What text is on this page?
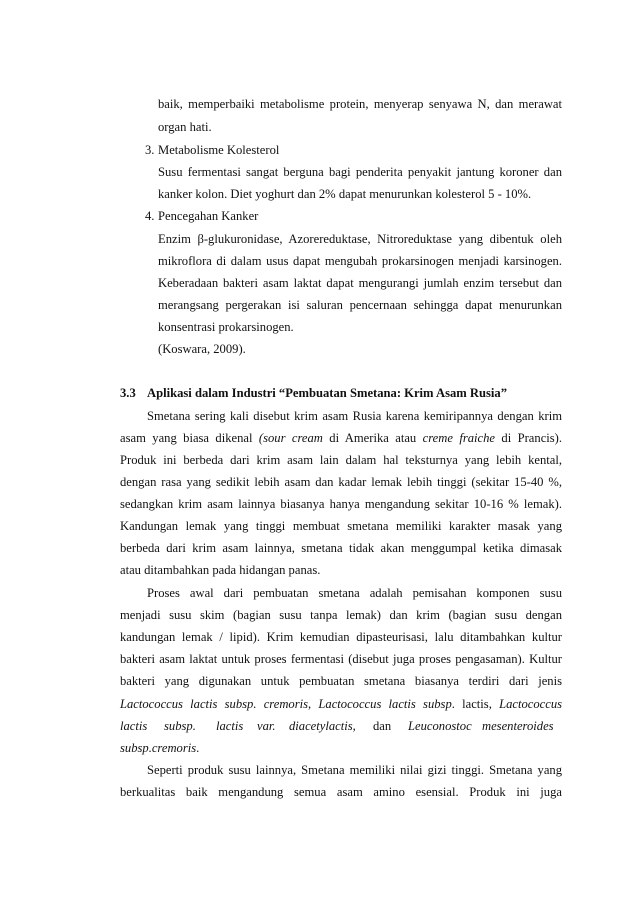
baik, memperbaiki metabolisme protein, menyerap senyawa N, dan merawat
organ hati.
3. Metabolisme Kolesterol
Susu fermentasi sangat berguna bagi penderita penyakit jantung koroner dan
kanker kolon. Diet yoghurt dan 2% dapat menurunkan kolesterol 5 - 10%.
4. Pencegahan Kanker
Enzim β-glukuronidase, Azorereduktase, Nitroreduktase yang dibentuk oleh
mikroflora di dalam usus dapat mengubah prokarsinogen menjadi karsinogen.
Keberadaan bakteri asam laktat dapat mengurangi jumlah enzim tersebut dan
merangsang pergerakan isi saluran pencernaan sehingga dapat menurunkan
konsentrasi prokarsinogen.
(Koswara, 2009).
3.3 Aplikasi dalam Industri “Pembuatan Smetana: Krim Asam Rusia”
Smetana sering kali disebut krim asam Rusia karena kemiripannya dengan krim
asam yang biasa dikenal (sour cream di Amerika atau creme fraiche di Prancis).
Produk ini berbeda dari krim asam lain dalam hal teksturnya yang lebih kental,
dengan rasa yang sedikit lebih asam dan kadar lemak lebih tinggi (sekitar 15-40 %,
sedangkan krim asam lainnya biasanya hanya mengandung sekitar 10-16 % lemak).
Kandungan lemak yang tinggi membuat smetana memiliki karakter masak yang
berbeda dari krim asam lainnya, smetana tidak akan menggumpal ketika dimasak
atau ditambahkan pada hidangan panas.
Proses awal dari pembuatan smetana adalah pemisahan komponen susu
menjadi susu skim (bagian susu tanpa lemak) dan krim (bagian susu dengan
kandungan lemak / lipid). Krim kemudian dipasteurisasi, lalu ditambahkan kultur
bakteri asam laktat untuk proses fermentasi (disebut juga proses pengasaman). Kultur
bakteri yang digunakan untuk pembuatan smetana biasanya terdiri dari jenis
Lactococcus lactis subsp. cremoris, Lactococcus lactis subsp. lactis, Lactococcus
lactis subsp. lactis var. diacetylactis, dan Leuconostoc mesenteroides
subsp.cremoris.
Seperti produk susu lainnya, Smetana memiliki nilai gizi tinggi. Smetana yang
berkualitas baik mengandung semua asam amino esensial. Produk ini juga
